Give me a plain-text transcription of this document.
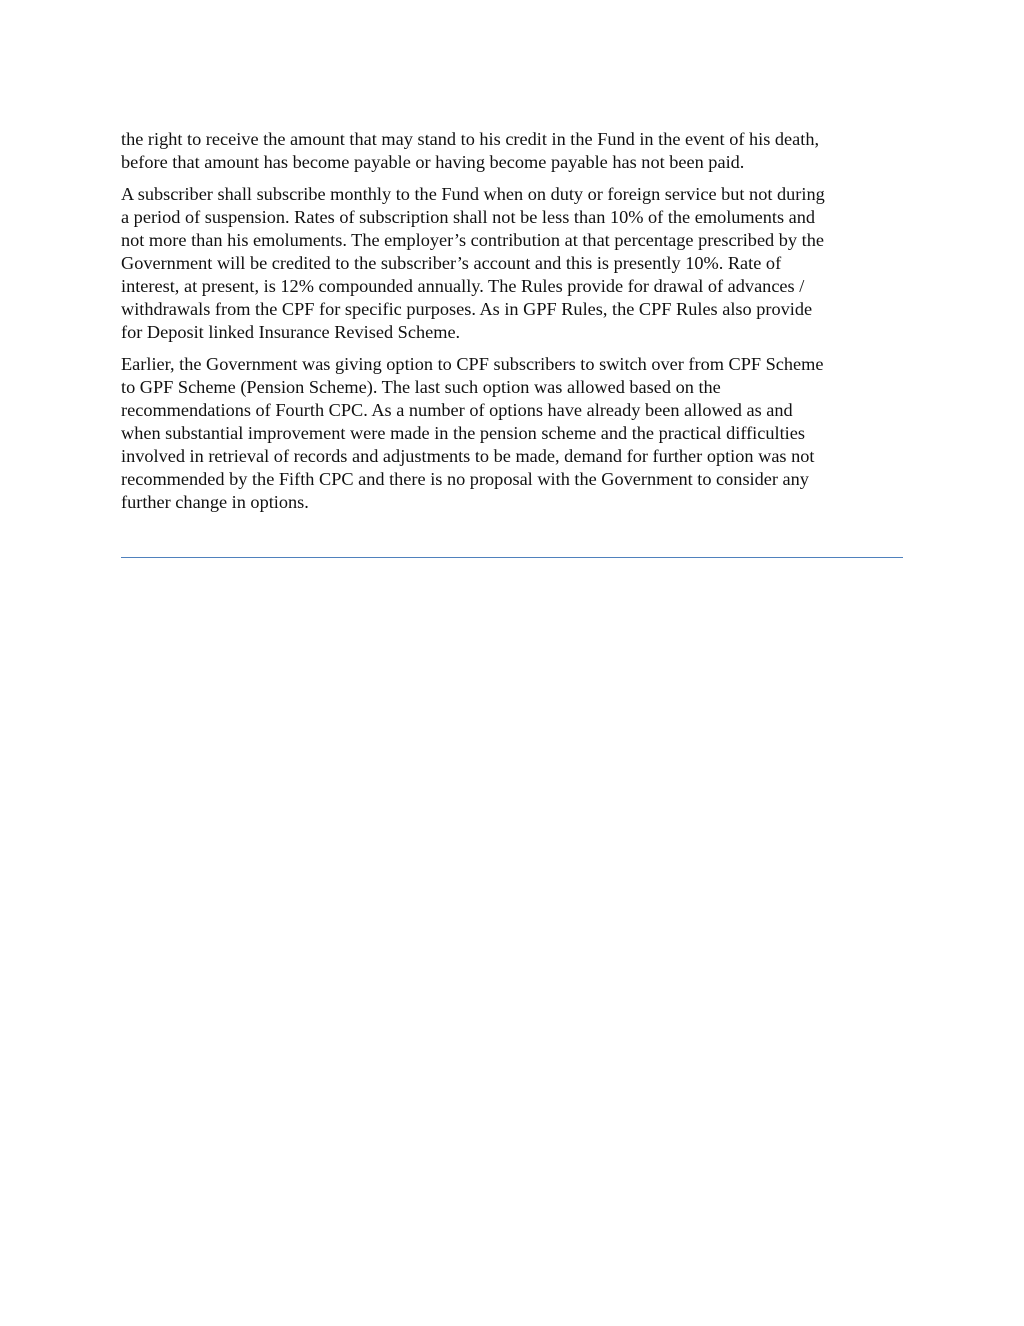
the right to receive the amount that may stand to his credit in the Fund in the event of his death,
before that amount has become payable or having become payable has not been paid.

A subscriber shall subscribe monthly to the Fund when on duty or foreign service but not during
a period of suspension. Rates of subscription shall not be less than 10% of the emoluments and
not more than his emoluments. The employer’s contribution at that percentage prescribed by the
Government will be credited to the subscriber’s account and this is presently 10%. Rate of
interest, at present, is 12% compounded annually. The Rules provide for drawal of advances /
withdrawals from the CPF for specific purposes. As in GPF Rules, the CPF Rules also provide
for Deposit linked Insurance Revised Scheme.

Earlier, the Government was giving option to CPF subscribers to switch over from CPF Scheme
to GPF Scheme (Pension Scheme). The last such option was allowed based on the
recommendations of Fourth CPC. As a number of options have already been allowed as and
when substantial improvement were made in the pension scheme and the practical difficulties
involved in retrieval of records and adjustments to be made, demand for further option was not
recommended by the Fifth CPC and there is no proposal with the Government to consider any
further change in options.
